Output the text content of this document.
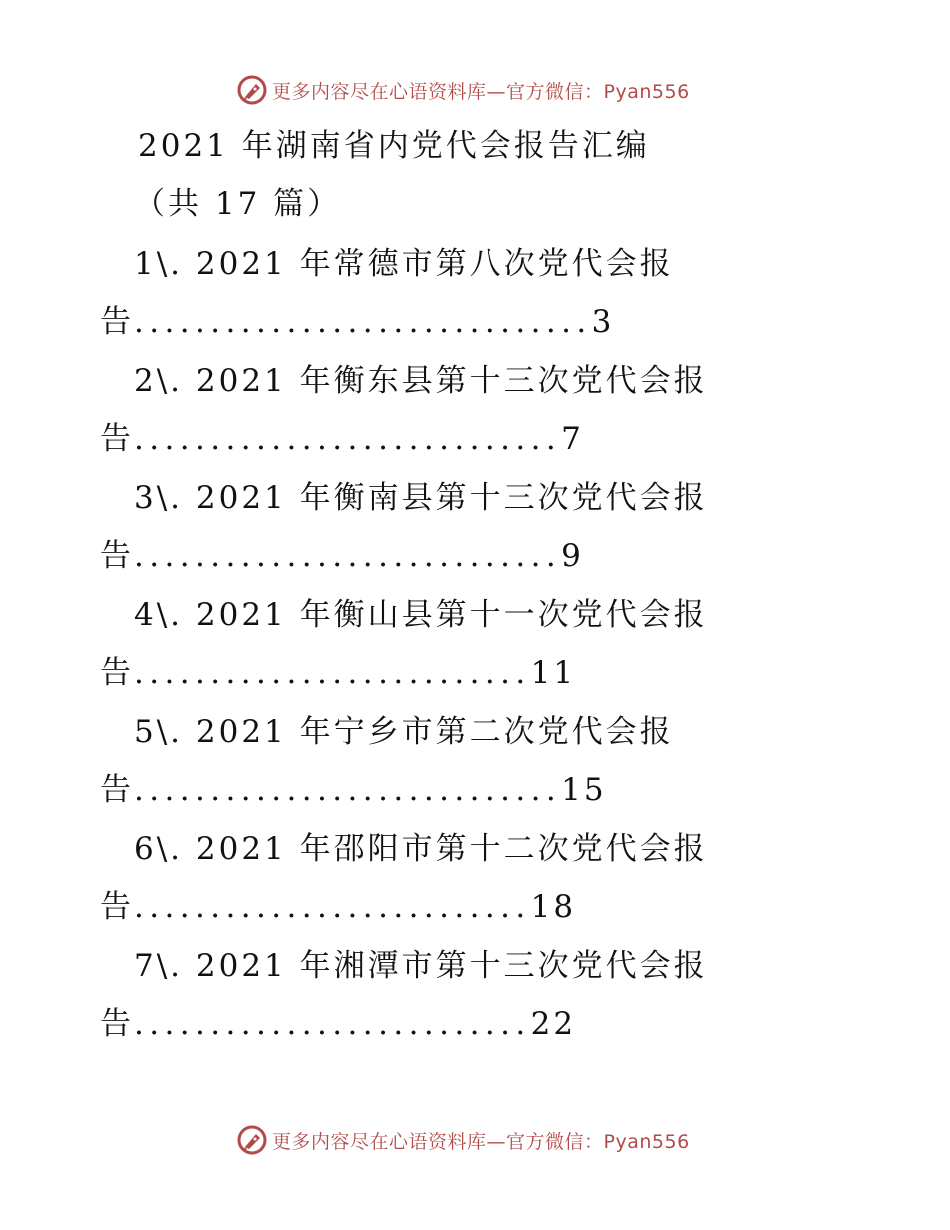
更多内容尽在心语资料库—官方微信：Pyan556
2021 年湖南省内党代会报告汇编
（共 17 篇）
1\. 2021 年常德市第八次党代会报
告..............................3
2\. 2021 年衡东县第十三次党代会报
告............................7
3\. 2021 年衡南县第十三次党代会报
告............................9
4\. 2021 年衡山县第十一次党代会报
告..........................11
5\. 2021 年宁乡市第二次党代会报
告............................15
6\. 2021 年邵阳市第十二次党代会报
告..........................18
7\. 2021 年湘潭市第十三次党代会报
告..........................22
更多内容尽在心语资料库—官方微信：Pyan556
